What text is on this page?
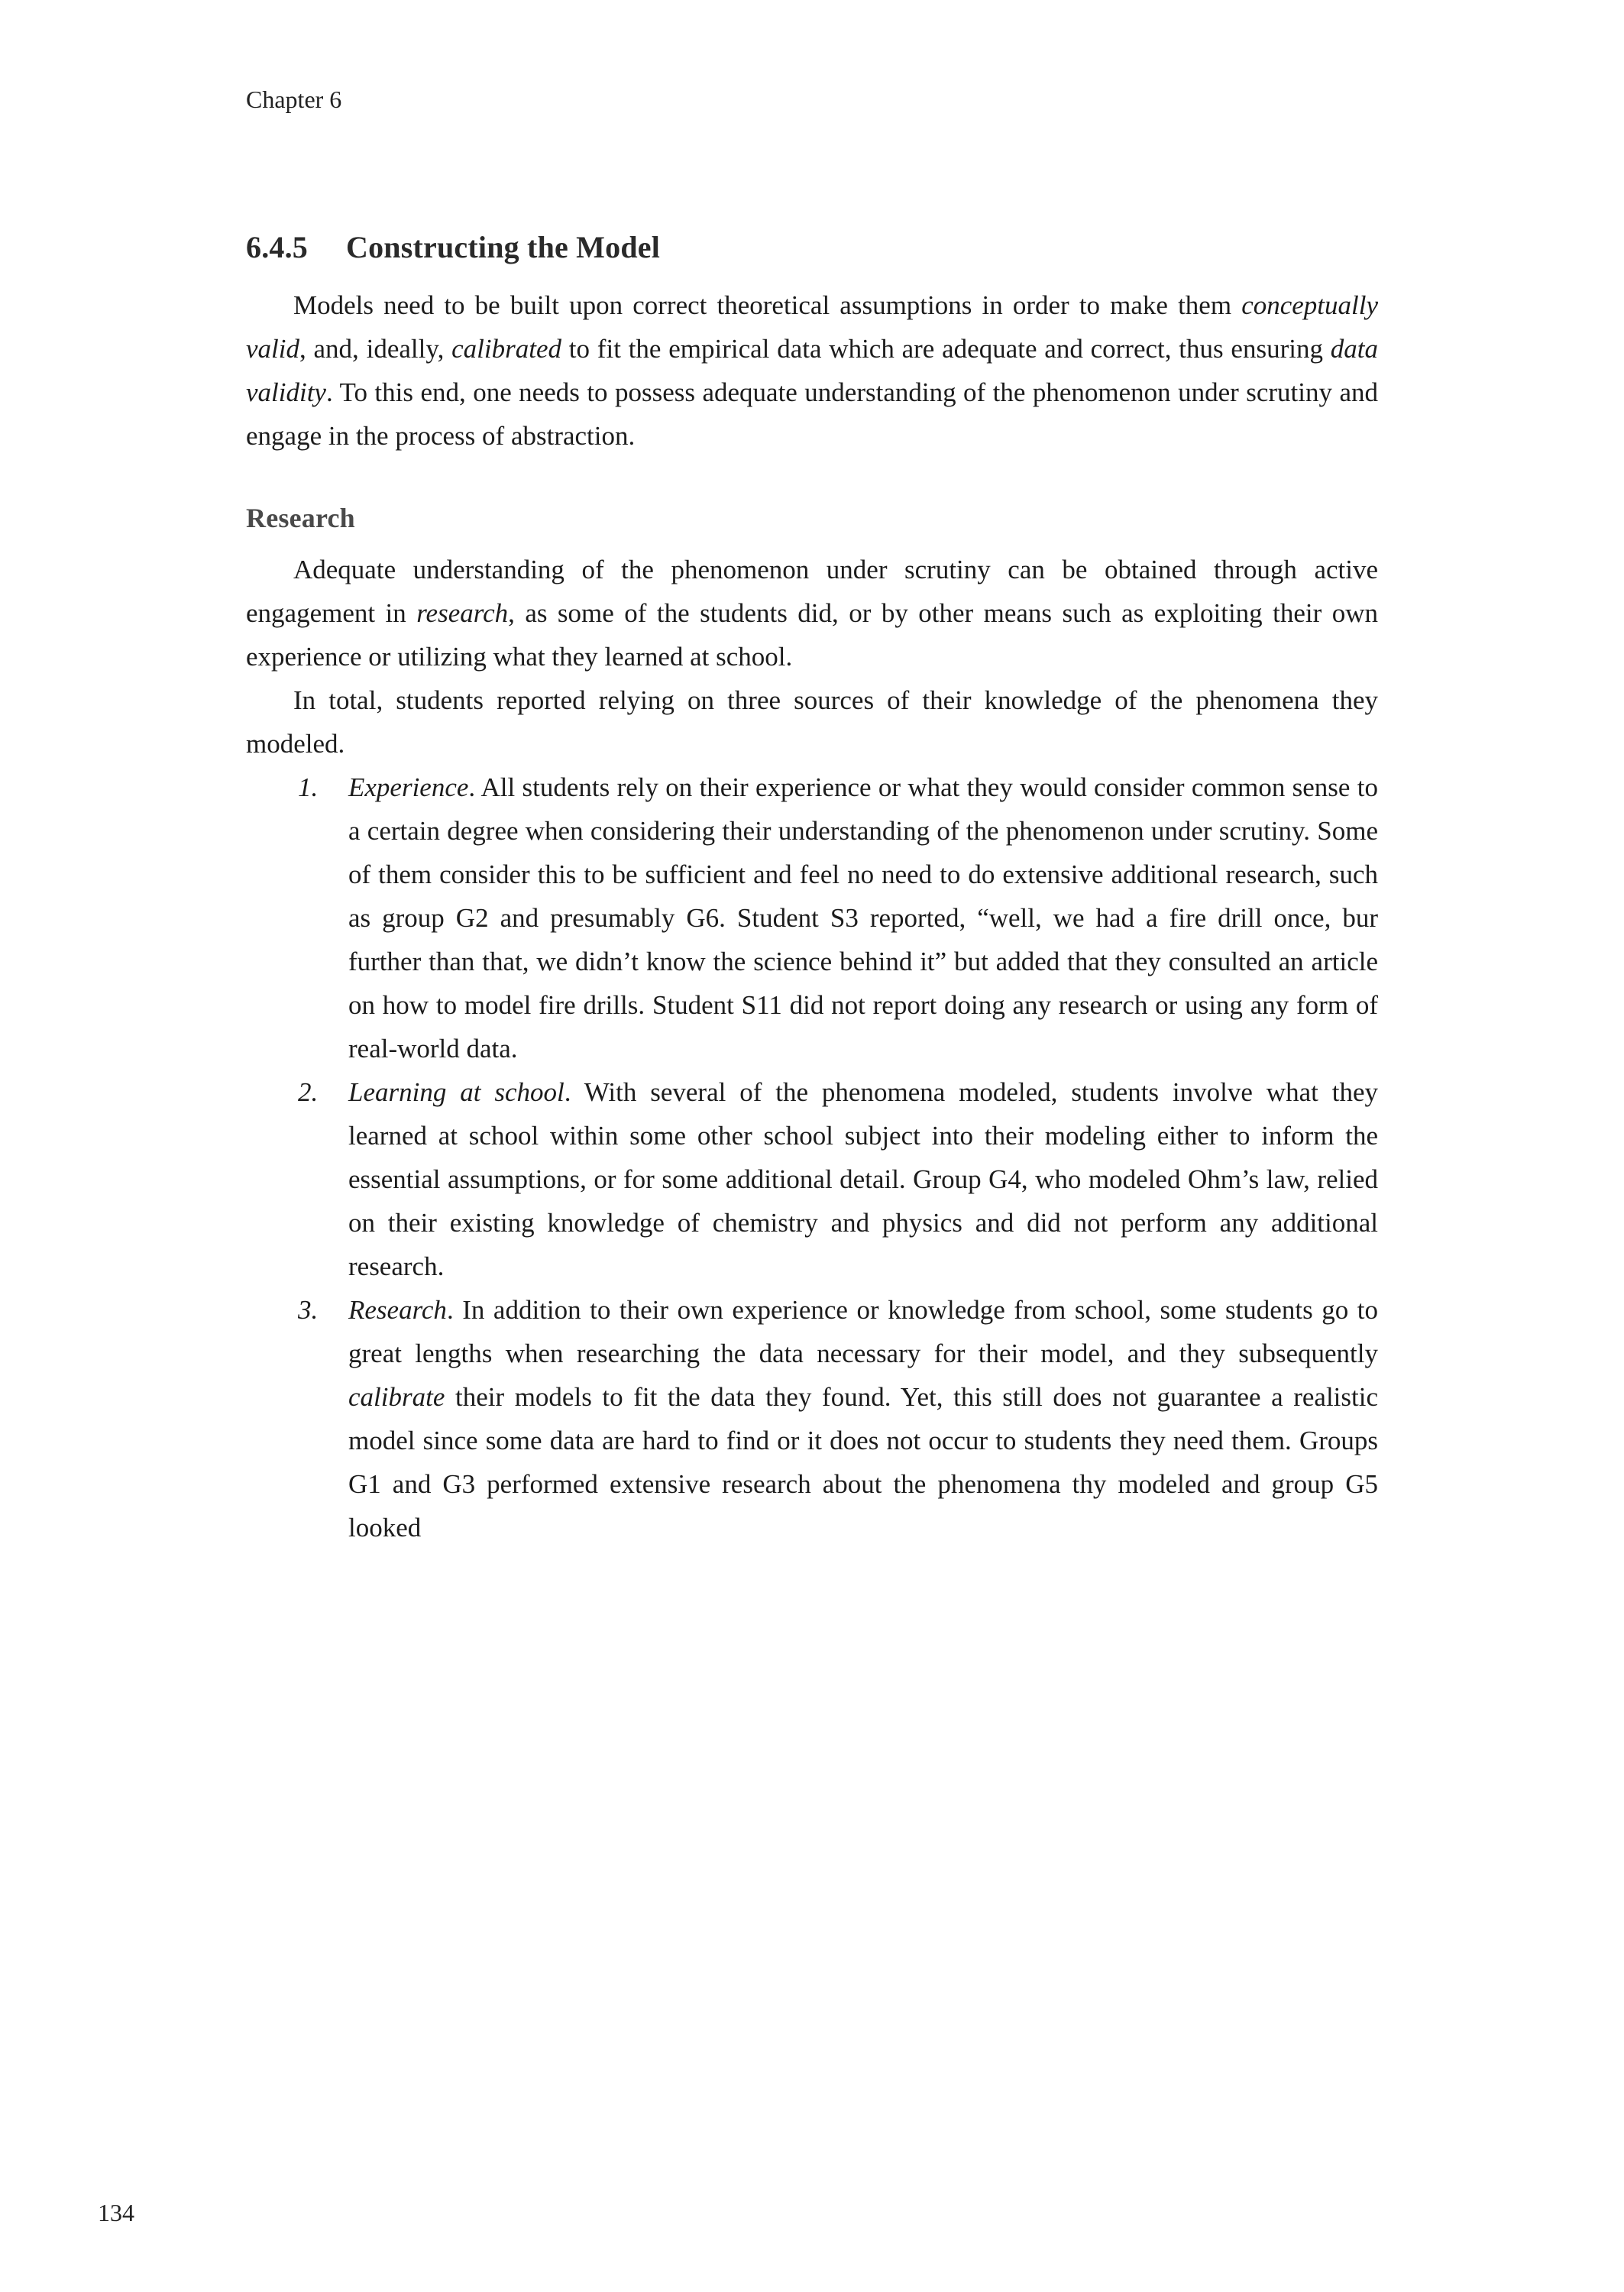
Chapter 6
6.4.5 Constructing the Model

Models need to be built upon correct theoretical assumptions in order to make them conceptually valid, and, ideally, calibrated to fit the empirical data which are adequate and correct, thus ensuring data validity. To this end, one needs to possess adequate understanding of the phenomenon under scrutiny and engage in the process of abstraction.

Research

Adequate understanding of the phenomenon under scrutiny can be obtained through active engagement in research, as some of the students did, or by other means such as exploiting their own experience or utilizing what they learned at school.

In total, students reported relying on three sources of their knowledge of the phenomena they modeled.

1.	Experience. All students rely on their experience or what they would consider common sense to a certain degree when considering their understanding of the phenomenon under scrutiny. Some of them consider this to be sufficient and feel no need to do extensive additional research, such as group G2 and presumably G6. Student S3 reported, “well, we had a fire drill once, bur further than that, we didn’t know the science behind it” but added that they consulted an article on how to model fire drills. Student S11 did not report doing any research or using any form of real-world data.
2.	Learning at school. With several of the phenomena modeled, students involve what they learned at school within some other school subject into their modeling either to inform the essential assumptions, or for some additional detail. Group G4, who modeled Ohm’s law, relied on their existing knowledge of chemistry and physics and did not perform any additional research.
3.	Research. In addition to their own experience or knowledge from school, some students go to great lengths when researching the data necessary for their model, and they subsequently calibrate their models to fit the data they found. Yet, this still does not guarantee a realistic model since some data are hard to find or it does not occur to students they need them. Groups G1 and G3 performed extensive research about the phenomena thy modeled and group G5 looked
134
